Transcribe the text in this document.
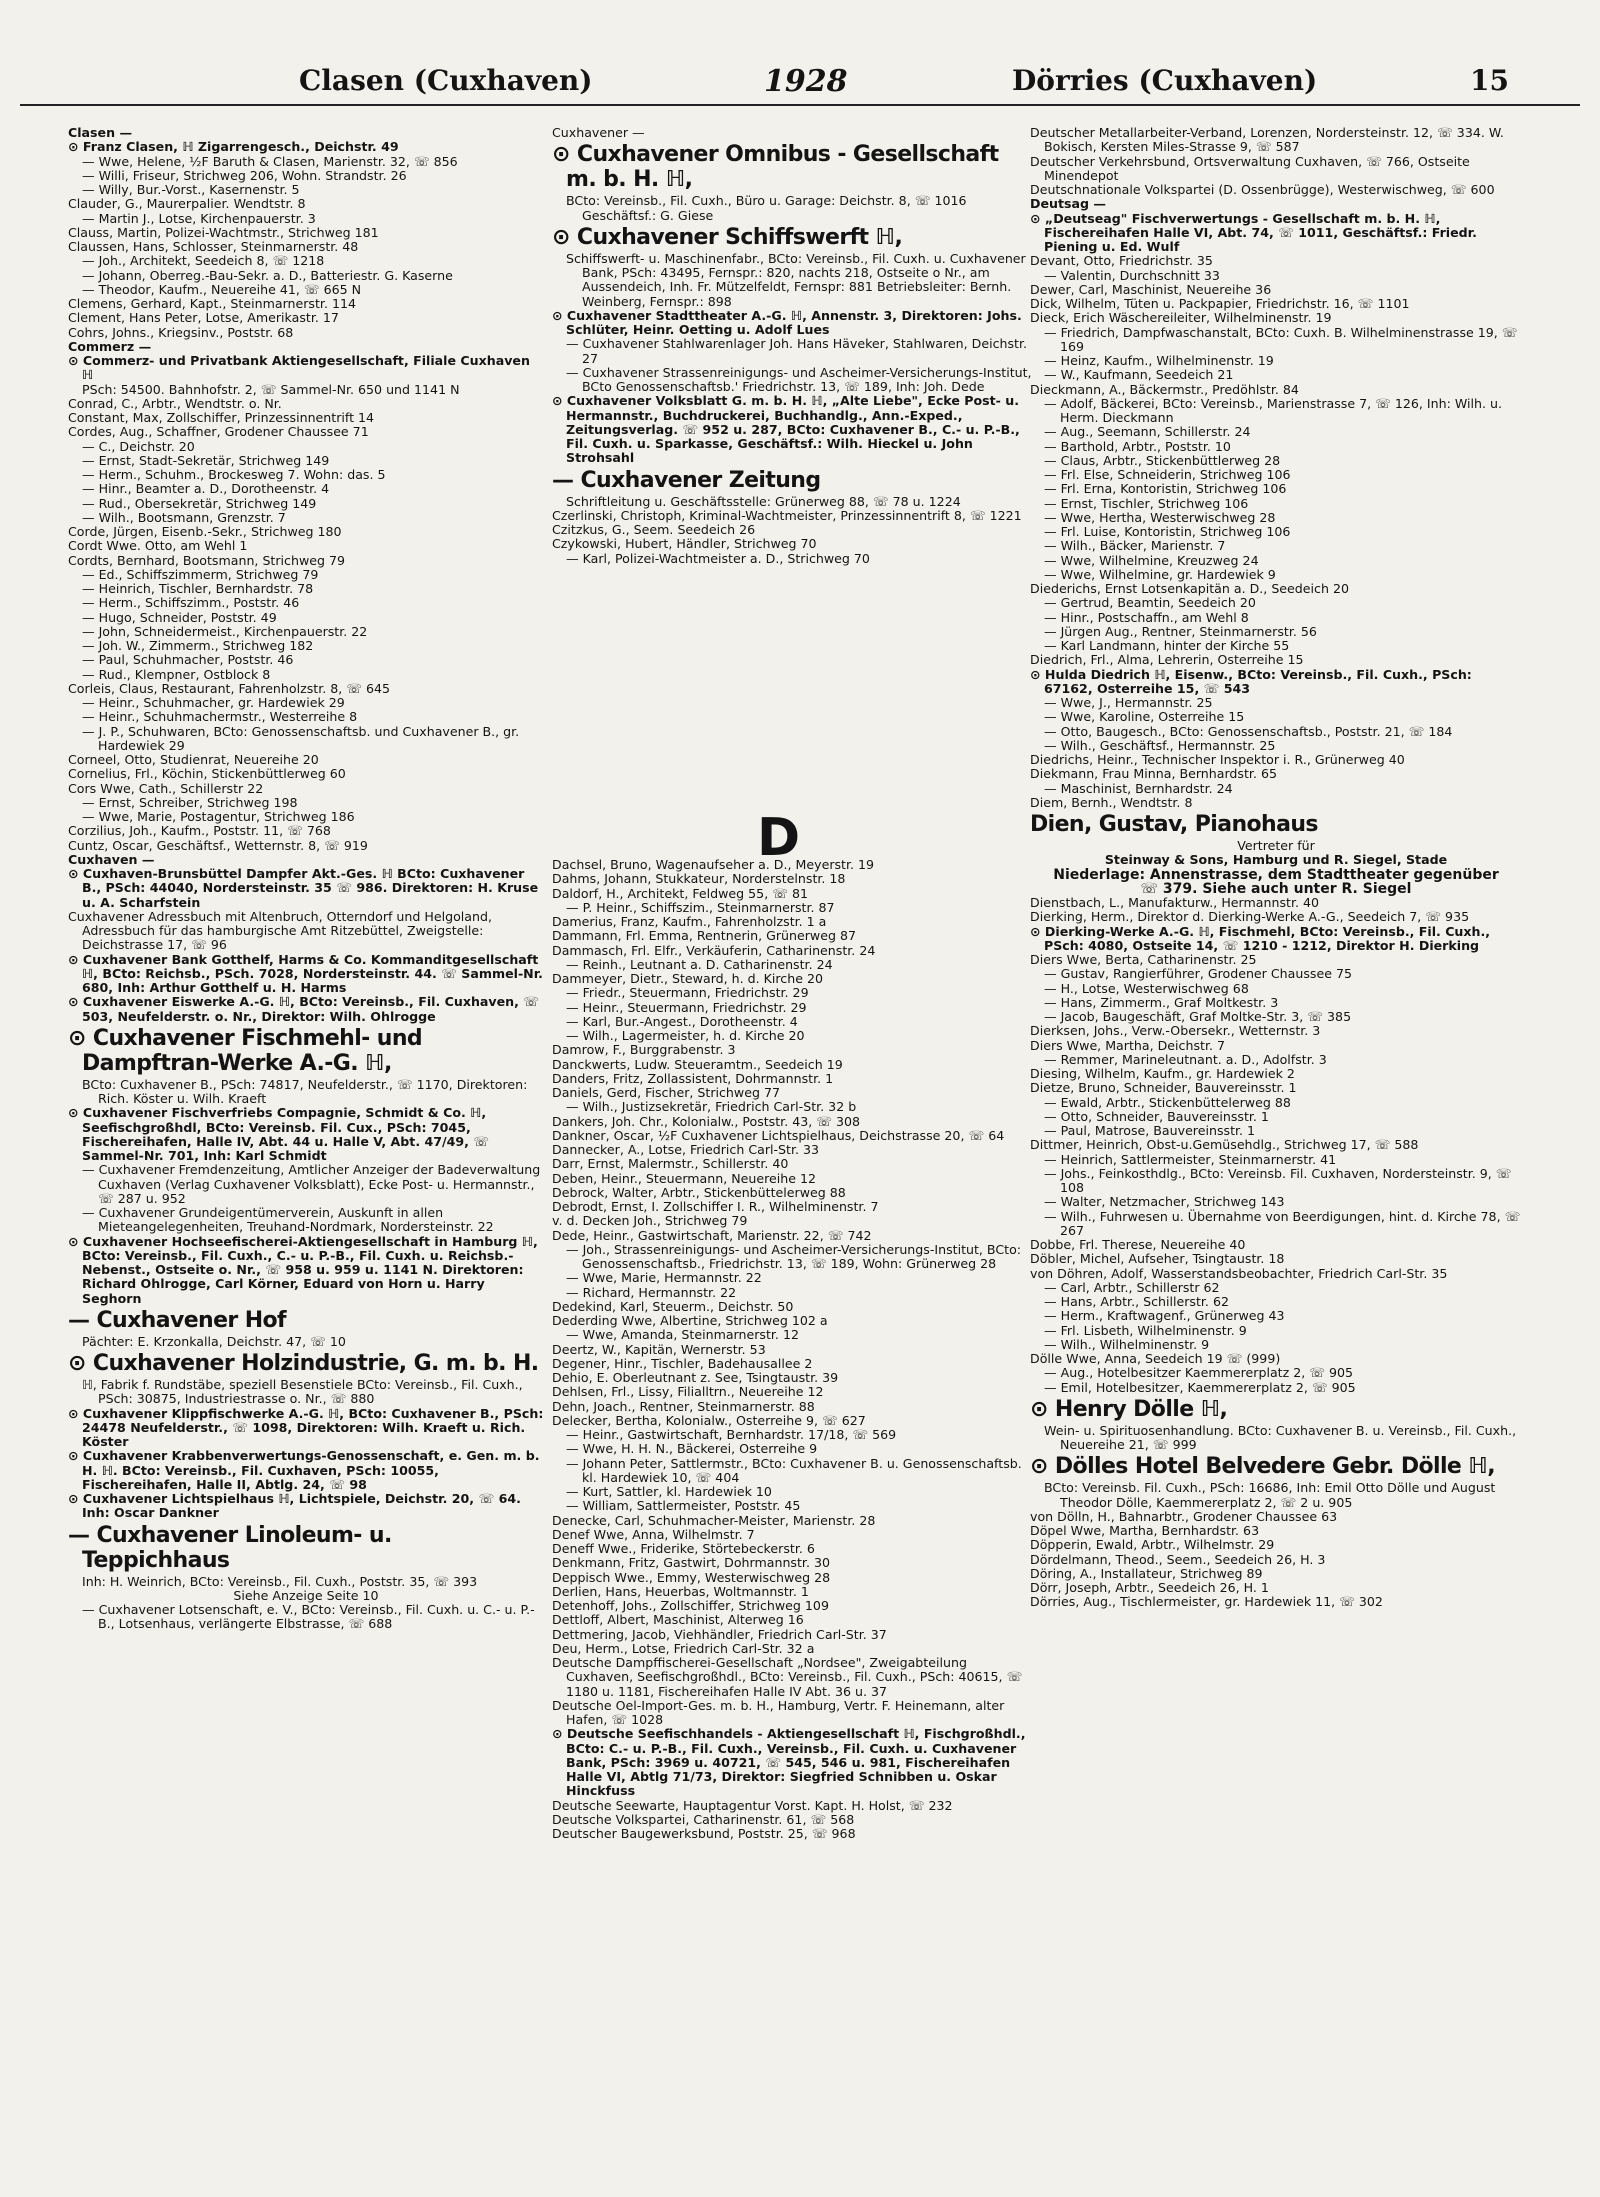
Clasen (Cuxhaven)	1928	Dörries (Cuxhaven)	15

Clasen —

⊙ Franz Clasen, ℍ Zigarrengesch., Deichstr. 49

— Wwe, Helene, ½F Baruth & Clasen, Marienstr. 32, ☏ 856

— Willi, Friseur, Strichweg 206, Wohn. Strandstr. 26

— Willy, Bur.-Vorst., Kasernenstr. 5

Clauder, G., Maurerpalier. Wendtstr. 8

— Martin J., Lotse, Kirchenpauerstr. 3

Clauss, Martin, Polizei-Wachtmstr., Strichweg 181

Claussen, Hans, Schlosser, Steinmarnerstr. 48

— Joh., Architekt, Seedeich 8, ☏ 1218

— Johann, Oberreg.-Bau-Sekr. a. D., Batteriestr. G. Kaserne

— Theodor, Kaufm., Neuereihe 41, ☏ 665 N

Clemens, Gerhard, Kapt., Steinmarnerstr. 114

Clement, Hans Peter, Lotse, Amerikastr. 17

Cohrs, Johns., Kriegsinv., Poststr. 68

Commerz —

⊙ Commerz- und Privatbank Aktiengesellschaft, Filiale Cuxhaven ℍ

PSch: 54500. Bahnhofstr. 2, ☏ Sammel-Nr. 650 und 1141 N

Conrad, C., Arbtr., Wendtstr. o. Nr.

Constant, Max, Zollschiffer, Prinzessinnentrift 14

Cordes, Aug., Schaffner, Grodener Chaussee 71

— C., Deichstr. 20

— Ernst, Stadt-Sekretär, Strichweg 149

— Herm., Schuhm., Brockesweg 7. Wohn: das. 5

— Hinr., Beamter a. D., Dorotheenstr. 4

— Rud., Obersekretär, Strichweg 149

— Wilh., Bootsmann, Grenzstr. 7

Corde, Jürgen, Eisenb.-Sekr., Strichweg 180

Cordt Wwe. Otto, am Wehl 1

Cordts, Bernhard, Bootsmann, Strichweg 79

— Ed., Schiffszimmerm, Strichweg 79

— Heinrich, Tischler, Bernhardstr. 78

— Herm., Schiffszimm., Poststr. 46

— Hugo, Schneider, Poststr. 49

— John, Schneidermeist., Kirchenpauerstr. 22

— Joh. W., Zimmerm., Strichweg 182

— Paul, Schuhmacher, Poststr. 46

— Rud., Klempner, Ostblock 8

Corleis, Claus, Restaurant, Fahrenholzstr. 8, ☏ 645

— Heinr., Schuhmacher, gr. Hardewiek 29

— Heinr., Schuhmachermstr., Westerreihe 8

— J. P., Schuhwaren, BCto: Genossenschaftsb. und Cuxhavener B., gr. Hardewiek 29

Corneel, Otto, Studienrat, Neuereihe 20

Cornelius, Frl., Köchin, Stickenbüttlerweg 60

Cors Wwe, Cath., Schillerstr 22

— Ernst, Schreiber, Strichweg 198

— Wwe, Marie, Postagentur, Strichweg 186

Corzilius, Joh., Kaufm., Poststr. 11, ☏ 768

Cuntz, Oscar, Geschäftsf., Wetternstr. 8, ☏ 919

Cuxhaven —

⊙ Cuxhaven-Brunsbüttel Dampfer Akt.-Ges. ℍ BCto: Cuxhavener B., PSch: 44040, Nordersteinstr. 35 ☏ 986. Direktoren: H. Kruse u. A. Scharfstein

Cuxhavener Adressbuch mit Altenbruch, Otterndorf und Helgoland, Adressbuch für das hamburgische Amt Ritzebüttel, Zweigstelle: Deichstrasse 17, ☏ 96

⊙ Cuxhavener Bank Gotthelf, Harms & Co. Kommanditgesellschaft ℍ, BCto: Reichsb., PSch. 7028, Nordersteinstr. 44. ☏ Sammel-Nr. 680, Inh: Arthur Gotthelf u. H. Harms

⊙ Cuxhavener Eiswerke A.-G. ℍ, BCto: Vereinsb., Fil. Cuxhaven, ☏ 503, Neufelderstr. o. Nr., Direktor: Wilh. Ohlrogge

⊙ Cuxhavener Fischmehl- und Dampftran-Werke A.-G. ℍ,

BCto: Cuxhavener B., PSch: 74817, Neufelderstr., ☏ 1170, Direktoren: Rich. Köster u. Wilh. Kraeft

⊙ Cuxhavener Fischverfriebs Compagnie, Schmidt & Co. ℍ, Seefischgroßhdl, BCto: Vereinsb. Fil. Cux., PSch: 7045, Fischereihafen, Halle IV, Abt. 44 u. Halle V, Abt. 47/49, ☏ Sammel-Nr. 701, Inh: Karl Schmidt

— Cuxhavener Fremdenzeitung, Amtlicher Anzeiger der Badeverwaltung Cuxhaven (Verlag Cuxhavener Volksblatt), Ecke Post- u. Hermannstr., ☏ 287 u. 952

— Cuxhavener Grundeigentümerverein, Auskunft in allen Mieteangelegenheiten, Treuhand-Nordmark, Nordersteinstr. 22

⊙ Cuxhavener Hochseefischerei-Aktiengesellschaft in Hamburg ℍ, BCto: Vereinsb., Fil. Cuxh., C.- u. P.-B., Fil. Cuxh. u. Reichsb.-Nebenst., Ostseite o. Nr., ☏ 958 u. 959 u. 1141 N. Direktoren: Richard Ohlrogge, Carl Körner, Eduard von Horn u. Harry Seghorn

— Cuxhavener Hof

Pächter: E. Krzonkalla, Deichstr. 47, ☏ 10

⊙ Cuxhavener Holzindustrie, G. m. b. H.

ℍ, Fabrik f. Rundstäbe, speziell Besenstiele BCto: Vereinsb., Fil. Cuxh., PSch: 30875, Industriestrasse o. Nr., ☏ 880

⊙ Cuxhavener Klippfischwerke A.-G. ℍ, BCto: Cuxhavener B., PSch: 24478 Neufelderstr., ☏ 1098, Direktoren: Wilh. Kraeft u. Rich. Köster

⊙ Cuxhavener Krabbenverwertungs-Genossenschaft, e. Gen. m. b. H. ℍ. BCto: Vereinsb., Fil. Cuxhaven, PSch: 10055, Fischereihafen, Halle II, Abtlg. 24, ☏ 98

⊙ Cuxhavener Lichtspielhaus ℍ, Lichtspiele, Deichstr. 20, ☏ 64. Inh: Oscar Dankner

— Cuxhavener Linoleum- u. Teppichhaus

Inh: H. Weinrich, BCto: Vereinsb., Fil. Cuxh., Poststr. 35, ☏ 393

Siehe Anzeige Seite 10

— Cuxhavener Lotsenschaft, e. V., BCto: Vereinsb., Fil. Cuxh. u. C.- u. P.-B., Lotsenhaus, verlängerte Elbstrasse, ☏ 688

Cuxhavener —

⊙ Cuxhavener Omnibus - Gesellschaft m. b. H. ℍ,

BCto: Vereinsb., Fil. Cuxh., Büro u. Garage: Deichstr. 8, ☏ 1016 Geschäftsf.: G. Giese

⊙ Cuxhavener Schiffswerft ℍ,

Schiffswerft- u. Maschinenfabr., BCto: Vereinsb., Fil. Cuxh. u. Cuxhavener Bank, PSch: 43495, Fernspr.: 820, nachts 218, Ostseite o Nr., am Aussendeich, Inh. Fr. Mützelfeldt, Fernspr: 881 Betriebsleiter: Bernh. Weinberg, Fernspr.: 898

⊙ Cuxhavener Stadttheater A.-G. ℍ, Annenstr. 3, Direktoren: Johs. Schlüter, Heinr. Oetting u. Adolf Lues

— Cuxhavener Stahlwarenlager Joh. Hans Häveker, Stahlwaren, Deichstr. 27

— Cuxhavener Strassenreinigungs- und Ascheimer-Versicherungs-Institut, BCto Genossenschaftsb.' Friedrichstr. 13, ☏ 189, Inh: Joh. Dede

⊙ Cuxhavener Volksblatt G. m. b. H. ℍ, „Alte Liebe", Ecke Post- u. Hermannstr., Buchdruckerei, Buchhandlg., Ann.-Exped., Zeitungsverlag. ☏ 952 u. 287, BCto: Cuxhavener B., C.- u. P.-B., Fil. Cuxh. u. Sparkasse, Geschäftsf.: Wilh. Hieckel u. John Strohsahl

— Cuxhavener Zeitung

Schriftleitung u. Geschäftsstelle: Grünerweg 88, ☏ 78 u. 1224

Czerlinski, Christoph, Kriminal-Wachtmeister, Prinzessinnentrift 8, ☏ 1221

Czitzkus, G., Seem. Seedeich 26

Czykowski, Hubert, Händler, Strichweg 70

— Karl, Polizei-Wachtmeister a. D., Strichweg 70

D

Dachsel, Bruno, Wagenaufseher a. D., Meyerstr. 19

Dahms, Johann, Stukkateur, Norderstelnstr. 18

Daldorf, H., Architekt, Feldweg 55, ☏ 81

— P. Heinr., Schiffszim., Steinmarnerstr. 87

Damerius, Franz, Kaufm., Fahrenholzstr. 1 a

Dammann, Frl. Emma, Rentnerin, Grünerweg 87

Dammasch, Frl. Elfr., Verkäuferin, Catharinenstr. 24

— Reinh., Leutnant a. D. Catharinenstr. 24

Dammeyer, Dietr., Steward, h. d. Kirche 20

— Friedr., Steuermann, Friedrichstr. 29

— Heinr., Steuermann, Friedrichstr. 29

— Karl, Bur.-Angest., Dorotheenstr. 4

— Wilh., Lagermeister, h. d. Kirche 20

Damrow, F., Burggrabenstr. 3

Danckwerts, Ludw. Steueramtm., Seedeich 19

Danders, Fritz, Zollassistent, Dohrmannstr. 1

Daniels, Gerd, Fischer, Strichweg 77

— Wilh., Justizsekretär, Friedrich Carl-Str. 32 b

Dankers, Joh. Chr., Kolonialw., Poststr. 43, ☏ 308

Dankner, Oscar, ½F Cuxhavener Lichtspielhaus, Deichstrasse 20, ☏ 64

Dannecker, A., Lotse, Friedrich Carl-Str. 33

Darr, Ernst, Malermstr., Schillerstr. 40

Deben, Heinr., Steuermann, Neuereihe 12

Debrock, Walter, Arbtr., Stickenbüttelerweg 88

Debrodt, Ernst, I. Zollschiffer I. R., Wilhelminenstr. 7

v. d. Decken Joh., Strichweg 79

Dede, Heinr., Gastwirtschaft, Marienstr. 22, ☏ 742

— Joh., Strassenreinigungs- und Ascheimer-Versicherungs-Institut, BCto: Genossenschaftsb., Friedrichstr. 13, ☏ 189, Wohn: Grünerweg 28

— Wwe, Marie, Hermannstr. 22

— Richard, Hermannstr. 22

Dedekind, Karl, Steuerm., Deichstr. 50

Dederding Wwe, Albertine, Strichweg 102 a

— Wwe, Amanda, Steinmarnerstr. 12

Deertz, W., Kapitän, Wernerstr. 53

Degener, Hinr., Tischler, Badehausallee 2

Dehio, E. Oberleutnant z. See, Tsingtaustr. 39

Dehlsen, Frl., Lissy, Filialltrn., Neuereihe 12

Dehn, Joach., Rentner, Steinmarnerstr. 88

Delecker, Bertha, Kolonialw., Osterreihe 9, ☏ 627

— Heinr., Gastwirtschaft, Bernhardstr. 17/18, ☏ 569

— Wwe, H. H. N., Bäckerei, Osterreihe 9

— Johann Peter, Sattlermstr., BCto: Cuxhavener B. u. Genossenschaftsb. kl. Hardewiek 10, ☏ 404

— Kurt, Sattler, kl. Hardewiek 10

— William, Sattlermeister, Poststr. 45

Denecke, Carl, Schuhmacher-Meister, Marienstr. 28

Denef Wwe, Anna, Wilhelmstr. 7

Deneff Wwe., Friderike, Störtebeckerstr. 6

Denkmann, Fritz, Gastwirt, Dohrmannstr. 30

Deppisch Wwe., Emmy, Westerwischweg 28

Derlien, Hans, Heuerbas, Woltmannstr. 1

Detenhoff, Johs., Zollschiffer, Strichweg 109

Dettloff, Albert, Maschinist, Alterweg 16

Dettmering, Jacob, Viehhändler, Friedrich Carl-Str. 37

Deu, Herm., Lotse, Friedrich Carl-Str. 32 a

Deutsche Dampffischerei-Gesellschaft „Nordsee", Zweigabteilung Cuxhaven, Seefischgroßhdl., BCto: Vereinsb., Fil. Cuxh., PSch: 40615, ☏ 1180 u. 1181, Fischereihafen Halle IV Abt. 36 u. 37

Deutsche Oel-Import-Ges. m. b. H., Hamburg, Vertr. F. Heinemann, alter Hafen, ☏ 1028

⊙ Deutsche Seefischhandels - Aktiengesellschaft ℍ, Fischgroßhdl., BCto: C.- u. P.-B., Fil. Cuxh., Vereinsb., Fil. Cuxh. u. Cuxhavener Bank, PSch: 3969 u. 40721, ☏ 545, 546 u. 981, Fischereihafen Halle VI, Abtlg 71/73, Direktor: Siegfried Schnibben u. Oskar Hinckfuss

Deutsche Seewarte, Hauptagentur Vorst. Kapt. H. Holst, ☏ 232

Deutsche Volkspartei, Catharinenstr. 61, ☏ 568

Deutscher Baugewerksbund, Poststr. 25, ☏ 968

Deutscher Metallarbeiter-Verband, Lorenzen, Nordersteinstr. 12, ☏ 334. W. Bokisch, Kersten Miles-Strasse 9, ☏ 587

Deutscher Verkehrsbund, Ortsverwaltung Cuxhaven, ☏ 766, Ostseite Minendepot

Deutschnationale Volkspartei (D. Ossenbrügge), Westerwischweg, ☏ 600

Deutsag —

⊙ „Deutseag" Fischverwertungs - Gesellschaft m. b. H. ℍ, Fischereihafen Halle VI, Abt. 74, ☏ 1011, Geschäftsf.: Friedr. Piening u. Ed. Wulf

Devant, Otto, Friedrichstr. 35

— Valentin, Durchschnitt 33

Dewer, Carl, Maschinist, Neuereihe 36

Dick, Wilhelm, Tüten u. Packpapier, Friedrichstr. 16, ☏ 1101

Dieck, Erich Wäschereileiter, Wilhelminenstr. 19

— Friedrich, Dampfwaschanstalt, BCto: Cuxh. B. Wilhelminenstrasse 19, ☏ 169

— Heinz, Kaufm., Wilhelminenstr. 19

— W., Kaufmann, Seedeich 21

Dieckmann, A., Bäckermstr., Predöhlstr. 84

— Adolf, Bäckerei, BCto: Vereinsb., Marienstrasse 7, ☏ 126, Inh: Wilh. u. Herm. Dieckmann

— Aug., Seemann, Schillerstr. 24

— Barthold, Arbtr., Poststr. 10

— Claus, Arbtr., Stickenbüttlerweg 28

— Frl. Else, Schneiderin, Strichweg 106

— Frl. Erna, Kontoristin, Strichweg 106

— Ernst, Tischler, Strichweg 106

— Wwe, Hertha, Westerwischweg 28

— Frl. Luise, Kontoristin, Strichweg 106

— Wilh., Bäcker, Marienstr. 7

— Wwe, Wilhelmine, Kreuzweg 24

— Wwe, Wilhelmine, gr. Hardewiek 9

Diederichs, Ernst Lotsenkapitän a. D., Seedeich 20

— Gertrud, Beamtin, Seedeich 20

— Hinr., Postschaffn., am Wehl 8

— Jürgen Aug., Rentner, Steinmarnerstr. 56

— Karl Landmann, hinter der Kirche 55

Diedrich, Frl., Alma, Lehrerin, Osterreihe 15

⊙ Hulda Diedrich ℍ, Eisenw., BCto: Vereinsb., Fil. Cuxh., PSch: 67162, Osterreihe 15, ☏ 543

— Wwe, J., Hermannstr. 25

— Wwe, Karoline, Osterreihe 15

— Otto, Baugesch., BCto: Genossenschaftsb., Poststr. 21, ☏ 184

— Wilh., Geschäftsf., Hermannstr. 25

Diedrichs, Heinr., Technischer Inspektor i. R., Grünerweg 40

Diekmann, Frau Minna, Bernhardstr. 65

— Maschinist, Bernhardstr. 24

Diem, Bernh., Wendtstr. 8

Dien, Gustav, Pianohaus

Vertreter für

Steinway & Sons, Hamburg und R. Siegel, Stade

Niederlage: Annenstrasse, dem Stadttheater gegenüber

☏ 379. Siehe auch unter R. Siegel

Dienstbach, L., Manufakturw., Hermannstr. 40

Dierking, Herm., Direktor d. Dierking-Werke A.-G., Seedeich 7, ☏ 935

⊙ Dierking-Werke A.-G. ℍ, Fischmehl, BCto: Vereinsb., Fil. Cuxh., PSch: 4080, Ostseite 14, ☏ 1210 - 1212, Direktor H. Dierking

Diers Wwe, Berta, Catharinenstr. 25

— Gustav, Rangierführer, Grodener Chaussee 75

— H., Lotse, Westerwischweg 68

— Hans, Zimmerm., Graf Moltkestr. 3

— Jacob, Baugeschäft, Graf Moltke-Str. 3, ☏ 385

Dierksen, Johs., Verw.-Obersekr., Wetternstr. 3

Diers Wwe, Martha, Deichstr. 7

— Remmer, Marineleutnant. a. D., Adolfstr. 3

Diesing, Wilhelm, Kaufm., gr. Hardewiek 2

Dietze, Bruno, Schneider, Bauvereinsstr. 1

— Ewald, Arbtr., Stickenbüttelerweg 88

— Otto, Schneider, Bauvereinsstr. 1

— Paul, Matrose, Bauvereinsstr. 1

Dittmer, Heinrich, Obst-u.Gemüsehdlg., Strichweg 17, ☏ 588

— Heinrich, Sattlermeister, Steinmarnerstr. 41

— Johs., Feinkosthdlg., BCto: Vereinsb. Fil. Cuxhaven, Nordersteinstr. 9, ☏ 108

— Walter, Netzmacher, Strichweg 143

— Wilh., Fuhrwesen u. Übernahme von Beerdigungen, hint. d. Kirche 78, ☏ 267

Dobbe, Frl. Therese, Neuereihe 40

Döbler, Michel, Aufseher, Tsingtaustr. 18

von Döhren, Adolf, Wasserstandsbeobachter, Friedrich Carl-Str. 35

— Carl, Arbtr., Schillerstr 62

— Hans, Arbtr., Schillerstr. 62

— Herm., Kraftwagenf., Grünerweg 43

— Frl. Lisbeth, Wilhelminenstr. 9

— Wilh., Wilhelminenstr. 9

Dölle Wwe, Anna, Seedeich 19 ☏ (999)

— Aug., Hotelbesitzer Kaemmererplatz 2, ☏ 905

— Emil, Hotelbesitzer, Kaemmererplatz 2, ☏ 905

⊙ Henry Dölle ℍ,

Wein- u. Spirituosenhandlung. BCto: Cuxhavener B. u. Vereinsb., Fil. Cuxh., Neuereihe 21, ☏ 999

⊙ Dölles Hotel Belvedere Gebr. Dölle ℍ,

BCto: Vereinsb. Fil. Cuxh., PSch: 16686, Inh: Emil Otto Dölle und August Theodor Dölle, Kaemmererplatz 2, ☏ 2 u. 905

von Dölln, H., Bahnarbtr., Grodener Chaussee 63

Döpel Wwe, Martha, Bernhardstr. 63

Döpperin, Ewald, Arbtr., Wilhelmstr. 29

Dördelmann, Theod., Seem., Seedeich 26, H. 3

Döring, A., Installateur, Strichweg 89

Dörr, Joseph, Arbtr., Seedeich 26, H. 1

Dörries, Aug., Tischlermeister, gr. Hardewiek 11, ☏ 302
